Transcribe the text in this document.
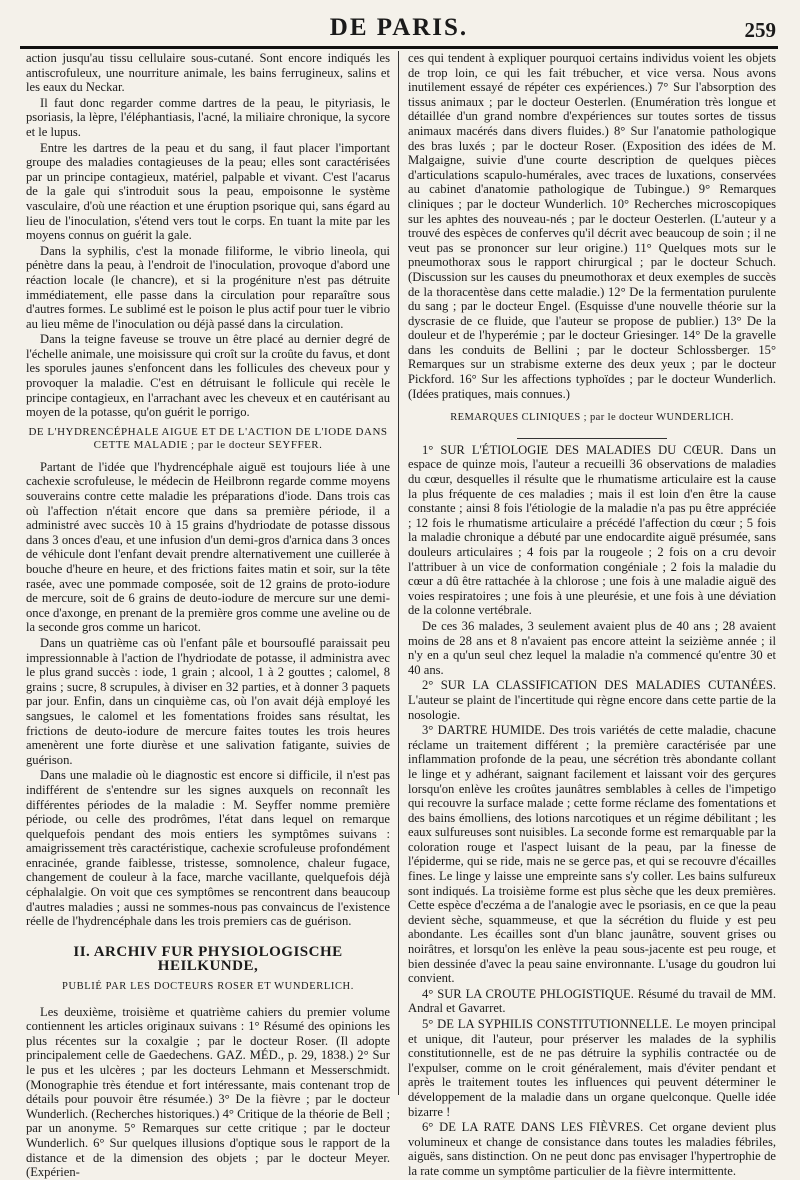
DE PARIS.	259

action jusqu'au tissu cellulaire sous-cutané. Sont encore indiqués les antiscrofuleux, une nourriture animale, les bains ferrugineux, salins et les eaux du Neckar.

Il faut donc regarder comme dartres de la peau, le pityriasis, le psoriasis, la lèpre, l'éléphantiasis, l'acné, la miliaire chronique, la sycore et le lupus.

Entre les dartres de la peau et du sang, il faut placer l'important groupe des maladies contagieuses de la peau; elles sont caractérisées par un principe contagieux, matériel, palpable et vivant. C'est l'acarus de la gale qui s'introduit sous la peau, empoisonne le système vasculaire, d'où une réaction et une éruption psorique qui, sans égard au lieu de l'inoculation, s'étend vers tout le corps. En tuant la mite par les moyens connus on guérit la gale.

Dans la syphilis, c'est la monade filiforme, le vibrio lineola, qui pénètre dans la peau, à l'endroit de l'inoculation, provoque d'abord une réaction locale (le chancre), et si la progéniture n'est pas détruite immédiatement, elle passe dans la circulation pour reparaître sous d'autres formes. Le sublimé est le poison le plus actif pour tuer le vibrio au lieu même de l'inoculation ou déjà passé dans la circulation.

Dans la teigne faveuse se trouve un être placé au dernier degré de l'échelle animale, une moisissure qui croît sur la croûte du favus, et dont les sporules jaunes s'enfoncent dans les follicules des cheveux pour y provoquer la maladie. C'est en détruisant le follicule qui recèle le principe contagieux, en l'arrachant avec les cheveux et en cautérisant au moyen de la potasse, qu'on guérit le porrigo.

DE L'HYDRENCÉPHALE AIGUE ET DE L'ACTION DE L'IODE DANS CETTE MALADIE ; par le docteur SEYFFER.

Partant de l'idée que l'hydrencéphale aiguë est toujours liée à une cachexie scrofuleuse, le médecin de Heilbronn regarde comme moyens souverains contre cette maladie les préparations d'iode. Dans trois cas où l'affection n'était encore que dans sa première période, il a administré avec succès 10 à 15 grains d'hydriodate de potasse dissous dans 3 onces d'eau, et une infusion d'un demi-gros d'arnica dans 3 onces de véhicule dont l'enfant devait prendre alternativement une cuillerée à bouche d'heure en heure, et des frictions faites matin et soir, sur la tête rasée, avec une pommade composée, soit de 12 grains de proto-iodure de mercure, soit de 6 grains de deuto-iodure de mercure sur une demi-once d'axonge, en prenant de la première gros comme une aveline ou de la seconde gros comme un haricot.

Dans un quatrième cas où l'enfant pâle et boursouflé paraissait peu impressionnable à l'action de l'hydriodate de potasse, il administra avec le plus grand succès : iode, 1 grain ; alcool, 1 à 2 gouttes ; calomel, 8 grains ; sucre, 8 scrupules, à diviser en 32 parties, et à donner 3 paquets par jour. Enfin, dans un cinquième cas, où l'on avait déjà employé les sangsues, le calomel et les fomentations froides sans résultat, les frictions de deuto-iodure de mercure faites toutes les trois heures amenèrent une forte diurèse et une salivation fatigante, suivies de guérison.

Dans une maladie où le diagnostic est encore si difficile, il n'est pas indifférent de s'entendre sur les signes auxquels on reconnaît les différentes périodes de la maladie : M. Seyffer nomme première période, ou celle des prodrômes, l'état dans lequel on remarque quelquefois pendant des mois entiers les symptômes suivans : amaigrissement très caractéristique, cachexie scrofuleuse profondément enracinée, grande faiblesse, tristesse, somnolence, chaleur fugace, changement de couleur à la face, marche vacillante, quelquefois déjà céphalalgie. On voit que ces symptômes se rencontrent dans beaucoup d'autres maladies ; aussi ne sommes-nous pas convaincus de l'existence réelle de l'hydrencéphale dans les trois premiers cas de guérison.

II. ARCHIV FUR PHYSIOLOGISCHE HEILKUNDE,
PUBLIÉ PAR LES DOCTEURS ROSER ET WUNDERLICH.

Les deuxième, troisième et quatrième cahiers du premier volume contiennent les articles originaux suivans : 1° Résumé des opinions les plus récentes sur la coxalgie ; par le docteur Roser. (Il adopte principalement celle de Gaedechens. GAZ. MÉD., p. 29, 1838.) 2° Sur le pus et les ulcères ; par les docteurs Lehmann et Messerschmidt. (Monographie très étendue et fort intéressante, mais contenant trop de détails pour pouvoir être résumée.) 3° De la fièvre ; par le docteur Wunderlich. (Recherches historiques.) 4° Critique de la théorie de Bell ; par un anonyme. 5° Remarques sur cette critique ; par le docteur Wunderlich. 6° Sur quelques illusions d'optique sous le rapport de la distance et de la dimension des objets ; par le docteur Meyer. (Expérien-

ces qui tendent à expliquer pourquoi certains individus voient les objets de trop loin, ce qui les fait trébucher, et vice versa. Nous avons inutilement essayé de répéter ces expériences.) 7° Sur l'absorption des tissus animaux ; par le docteur Oesterlen. (Enumération très longue et détaillée d'un grand nombre d'expériences sur toutes sortes de tissus animaux macérés dans divers fluides.) 8° Sur l'anatomie pathologique des bras luxés ; par le docteur Roser. (Exposition des idées de M. Malgaigne, suivie d'une courte description de quelques pièces d'articulations scapulo-humérales, avec traces de luxations, conservées au cabinet d'anatomie pathologique de Tubingue.) 9° Remarques cliniques ; par le docteur Wunderlich. 10° Recherches microscopiques sur les aphtes des nouveau-nés ; par le docteur Oesterlen. (L'auteur y a trouvé des espèces de conferves qu'il décrit avec beaucoup de soin ; il ne veut pas se prononcer sur leur origine.) 11° Quelques mots sur le pneumothorax sous le rapport chirurgical ; par le docteur Schuch. (Discussion sur les causes du pneumothorax et deux exemples de succès de la thoracentèse dans cette maladie.) 12° De la fermentation purulente du sang ; par le docteur Engel. (Esquisse d'une nouvelle théorie sur la dyscrasie de ce fluide, que l'auteur se propose de publier.) 13° De la douleur et de l'hyperémie ; par le docteur Griesinger. 14° De la gravelle dans les conduits de Bellini ; par le docteur Schlossberger. 15° Remarques sur un strabisme externe des deux yeux ; par le docteur Pickford. 16° Sur les affections typhoïdes ; par le docteur Wunderlich. (Idées pratiques, mais connues.)

REMARQUES CLINIQUES ; par le docteur WUNDERLICH.

1° SUR L'ÉTIOLOGIE DES MALADIES DU CŒUR. Dans un espace de quinze mois, l'auteur a recueilli 36 observations de maladies du cœur, desquelles il résulte que le rhumatisme articulaire est la cause la plus fréquente de ces maladies ; mais il est loin d'en être la cause constante ; ainsi 8 fois l'étiologie de la maladie n'a pas pu être appréciée ; 12 fois le rhumatisme articulaire a précédé l'affection du cœur ; 5 fois la maladie chronique a débuté par une endocardite aiguë présumée, sans douleurs articulaires ; 4 fois par la rougeole ; 2 fois on a cru devoir l'attribuer à un vice de conformation congéniale ; 2 fois la maladie du cœur a dû être rattachée à la chlorose ; une fois à une maladie aiguë des voies respiratoires ; une fois à une pleurésie, et une fois à une déviation de la colonne vertébrale.

De ces 36 malades, 3 seulement avaient plus de 40 ans ; 28 avaient moins de 28 ans et 8 n'avaient pas encore atteint la seizième année ; il n'y en a qu'un seul chez lequel la maladie n'a commencé qu'entre 30 et 40 ans.

2° SUR LA CLASSIFICATION DES MALADIES CUTANÉES. L'auteur se plaint de l'incertitude qui règne encore dans cette partie de la nosologie.

3° DARTRE HUMIDE. Des trois variétés de cette maladie, chacune réclame un traitement différent ; la première caractérisée par une inflammation profonde de la peau, une sécrétion très abondante collant le linge et y adhérant, saignant facilement et laissant voir des gerçures lorsqu'on enlève les croûtes jaunâtres semblables à celles de l'impetigo qui recouvre la surface malade ; cette forme réclame des fomentations et des bains émolliens, des lotions narcotiques et un régime débilitant ; les eaux sulfureuses sont nuisibles. La seconde forme est remarquable par la coloration rouge et l'aspect luisant de la peau, par la finesse de l'épiderme, qui se ride, mais ne se gerce pas, et qui se recouvre d'écailles fines. Le linge y laisse une empreinte sans s'y coller. Les bains sulfureux sont indiqués. La troisième forme est plus sèche que les deux premières. Cette espèce d'eczéma a de l'analogie avec le psoriasis, en ce que la peau devient sèche, squammeuse, et que la sécrétion du fluide y est peu abondante. Les écailles sont d'un blanc jaunâtre, souvent grises ou noirâtres, et lorsqu'on les enlève la peau sous-jacente est peu rouge, et bien dessinée d'avec la peau saine environnante. L'usage du goudron lui convient.

4° SUR LA CROUTE PHLOGISTIQUE. Résumé du travail de MM. Andral et Gavarret.

5° DE LA SYPHILIS CONSTITUTIONNELLE. Le moyen principal et unique, dit l'auteur, pour préserver les malades de la syphilis constitutionnelle, est de ne pas détruire la syphilis contractée ou de l'expulser, comme on le croit généralement, mais d'éviter pendant et après le traitement toutes les influences qui peuvent déterminer le développement de la maladie dans un organe quelconque. Quelle idée bizarre !

6° DE LA RATE DANS LES FIÈVRES. Cet organe devient plus volumineux et change de consistance dans toutes les maladies fébriles, aiguës, sans distinction. On ne peut donc pas envisager l'hypertrophie de la rate comme un symptôme particulier de la fièvre intermittente.
